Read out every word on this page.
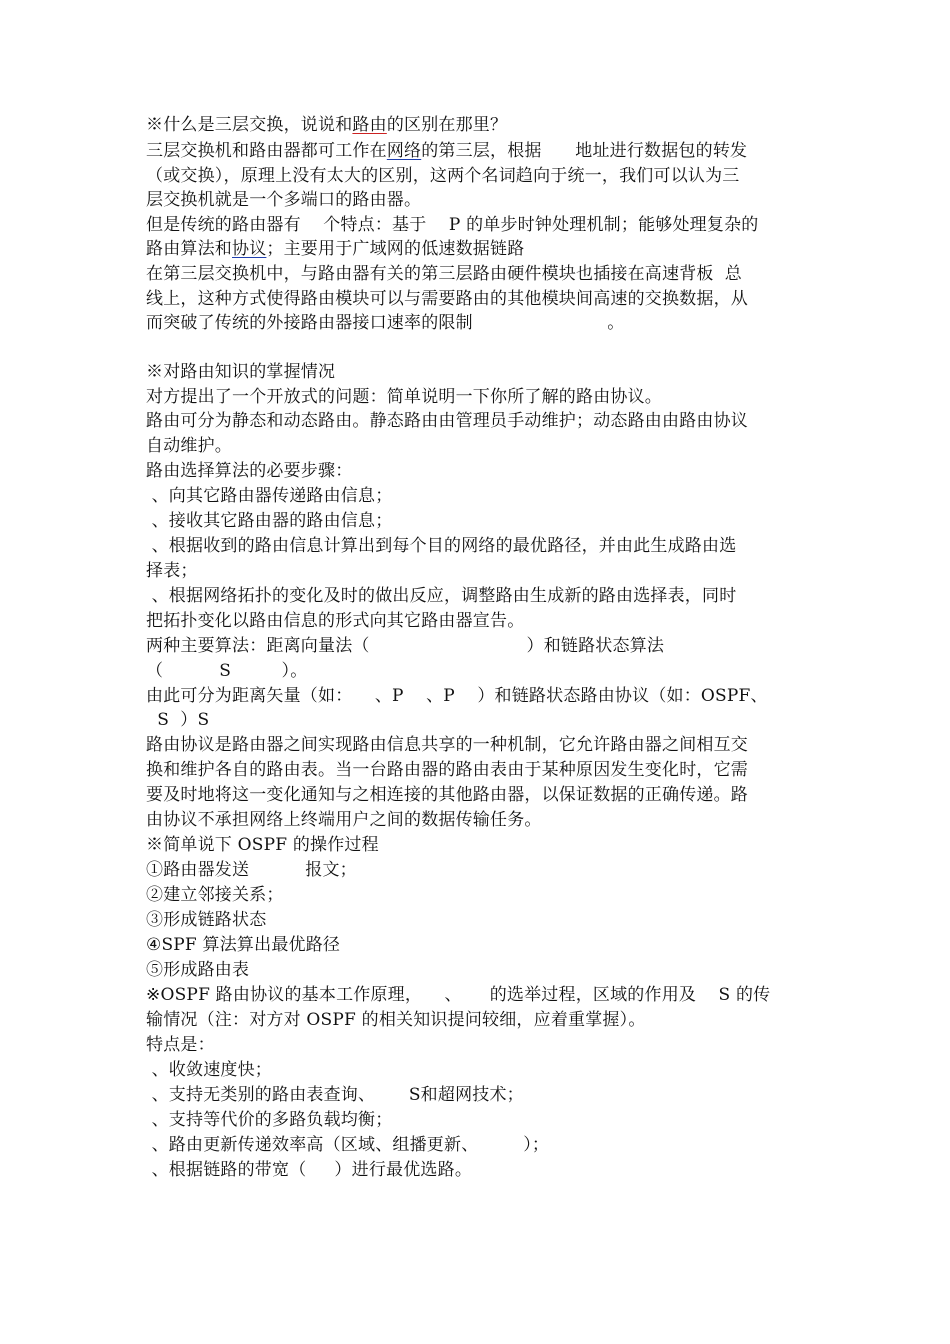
※什么是三层交换，说说和路由的区别在那里？
三层交换机和路由器都可工作在网络的第三层，根据      地址进行数据包的转发
（或交换），原理上没有太大的区别，这两个名词趋向于统一，我们可以认为三
层交换机就是一个多端口的路由器。
但是传统的路由器有    个特点：基于    P 的单步时钟处理机制；能够处理复杂的
路由算法和协议；主要用于广域网的低速数据链路
在第三层交换机中，与路由器有关的第三层路由硬件模块也插接在高速背板  总
线上，这种方式使得路由模块可以与需要路由的其他模块间高速的交换数据，从
而突破了传统的外接路由器接口速率的限制                        。
※对路由知识的掌握情况
对方提出了一个开放式的问题：简单说明一下你所了解的路由协议。
路由可分为静态和动态路由。静态路由由管理员手动维护；动态路由由路由协议
自动维护。
路由选择算法的必要步骤：
、向其它路由器传递路由信息；
、接收其它路由器的路由信息；
、根据收到的路由信息计算出到每个目的网络的最优路径，并由此生成路由选
择表；
、根据网络拓扑的变化及时的做出反应，调整路由生成新的路由选择表，同时
把拓扑变化以路由信息的形式向其它路由器宣告。
两种主要算法：距离向量法（                            ）和链路状态算法
（          S         ）。
由此可分为距离矢量（如：    、P    、P    ）和链路状态路由协议（如：OSPF、
S  ）S
路由协议是路由器之间实现路由信息共享的一种机制，它允许路由器之间相互交
换和维护各自的路由表。当一台路由器的路由表由于某种原因发生变化时，它需
要及时地将这一变化通知与之相连接的其他路由器，以保证数据的正确传递。路
由协议不承担网络上终端用户之间的数据传输任务。
※简单说下 OSPF 的操作过程
①路由器发送          报文；
②建立邻接关系；
③形成链路状态
④SPF 算法算出最优路径
⑤形成路由表
※OSPF 路由协议的基本工作原理，    、     的选举过程，区域的作用及    S 的传
输情况（注：对方对 OSPF 的相关知识提问较细，应着重掌握）。
特点是：
、收敛速度快；
、支持无类别的路由表查询、      S和超网技术；
、支持等代价的多路负载均衡；
、路由更新传递效率高（区域、组播更新、        ）；
、根据链路的带宽（     ）进行最优选路。
